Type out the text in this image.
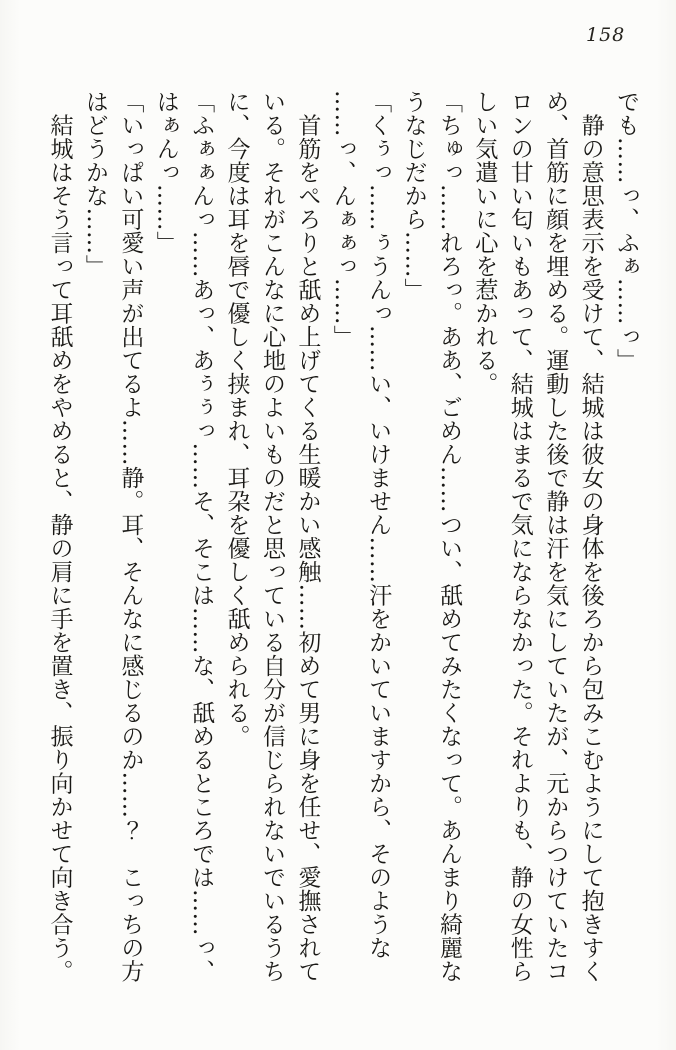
158

でも……っ、ふぁ……っ」

　静の意思表示を受けて、結城は彼女の身体を後ろから包みこむようにして抱きすく

め、首筋に顔を埋める。運動した後で静は汗を気にしていたが、元からつけていたコ

ロンの甘い匂いもあって、結城はまるで気にならなかった。それよりも、静の女性ら

しい気遣いに心を惹かれる。

「ちゅっ……れろっ。ああ、ごめん……つい、舐めてみたくなって。あんまり綺麗な

うなじだから……」

「くぅっ……ぅうんっ……い、いけません……汗をかいていますから、そのような

……っ、んぁぁっ……」

　首筋をぺろりと舐め上げてくる生暖かい感触……初めて男に身を任せ、愛撫されて

いる。それがこんなに心地のよいものだと思っている自分が信じられないでいるうち

に、今度は耳を唇で優しく挟まれ、耳朶を優しく舐められる。

「ふぁぁんっ……あっ、あぅぅっ……そ、そこは……な、舐めるところでは……っ、

はぁんっ……」

「いっぱい可愛い声が出てるよ……静。耳、そんなに感じるのか……？　こっちの方

はどうかな……」

　結城はそう言って耳舐めをやめると、静の肩に手を置き、振り向かせて向き合う。
